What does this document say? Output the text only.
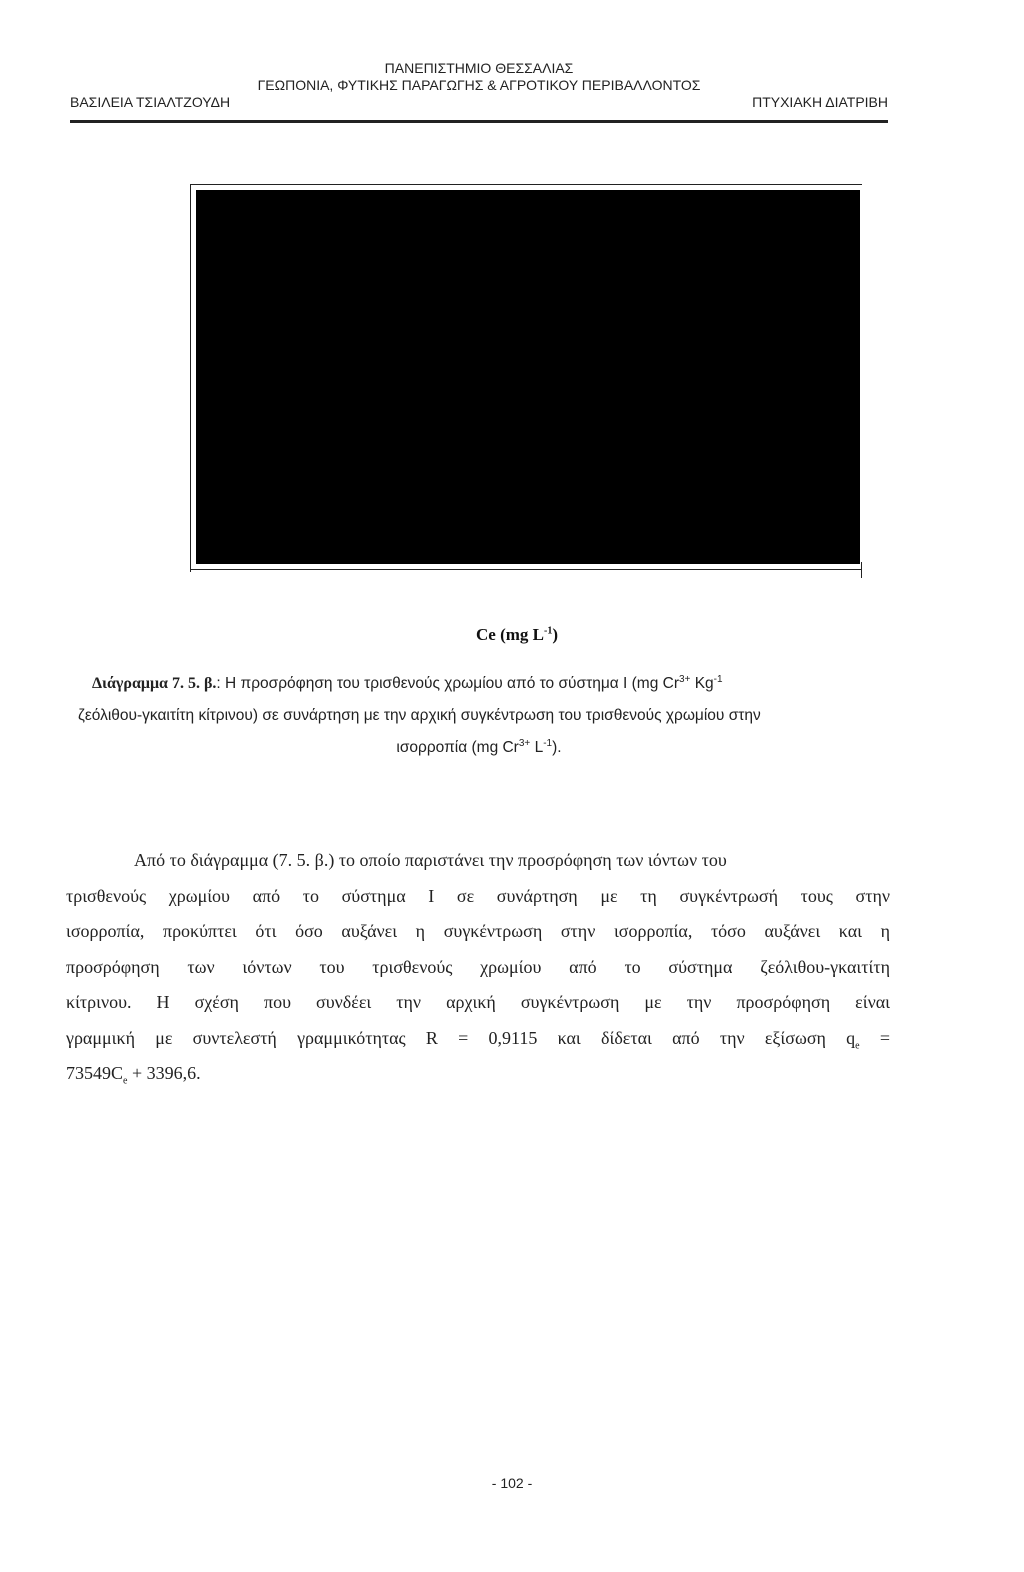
ΠΑΝΕΠΙΣΤΗΜΙΟ ΘΕΣΣΑΛΙΑΣ
ΓΕΩΠΟΝΙΑ, ΦΥΤΙΚΗΣ ΠΑΡΑΓΩΓΗΣ & ΑΓΡΟΤΙΚΟΥ ΠΕΡΙΒΑΛΛΟΝΤΟΣ
ΒΑΣΙΛΕΙΑ ΤΣΙΑΛΤΖΟΥΔΗ	ΠΤΥΧΙΑΚΗ ΔΙΑΤΡΙΒΗ
Ce (mg $L^{-1}$)
Διάγραμμα 7. 5. β.: Η προσρόφηση του τρισθενούς χρωμίου από το σύστημα Ι (mg $Cr^{3+}$ $Kg^{-1}$
ζεόλιθου-γκαιτίτη κίτρινου) σε συνάρτηση με την αρχική συγκέντρωση του τρισθενούς χρωμίου στην
ισορροπία (mg $Cr^{3+}$ $L^{-1}$).
Από το διάγραμμα (7. 5. β.) το οποίο παριστάνει την προσρόφηση των ιόντων του
τρισθενούς χρωμίου από το σύστημα Ι σε συνάρτηση με τη συγκέντρωσή τους στην
ισορροπία, προκύπτει ότι όσο αυξάνει η συγκέντρωση στην ισορροπία, τόσο αυξάνει και η
προσρόφηση των ιόντων του τρισθενούς χρωμίου από το σύστημα ζεόλιθου-γκαιτίτη
κίτρινου. Η σχέση που συνδέει την αρχική συγκέντρωση με την προσρόφηση είναι
γραμμική με συντελεστή γραμμικότητας R = 0,9115 και δίδεται από την εξίσωση $q_e$ =
$73549C_e + 3396,6$.
- 102 -
